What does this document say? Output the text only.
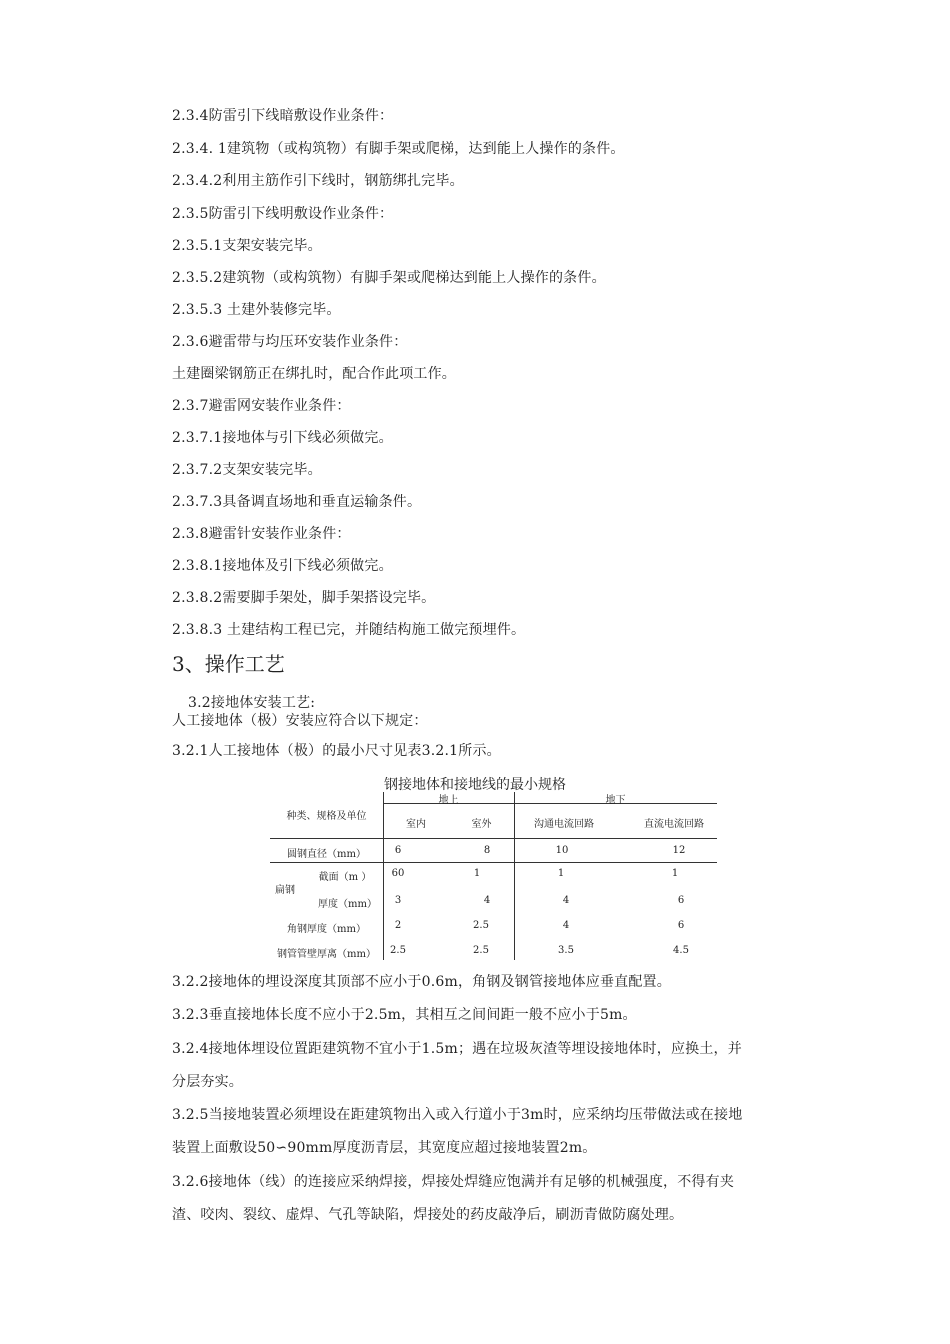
2.3.4防雷引下线暗敷设作业条件：
2.3.4. 1建筑物（或构筑物）有脚手架或爬梯，达到能上人操作的条件。
2.3.4.2利用主筋作引下线时，钢筋绑扎完毕。
2.3.5防雷引下线明敷设作业条件：
2.3.5.1支架安装完毕。
2.3.5.2建筑物（或构筑物）有脚手架或爬梯达到能上人操作的条件。
2.3.5.3 土建外装修完毕。
2.3.6避雷带与均压环安装作业条件：
土建圈梁钢筋正在绑扎时，配合作此项工作。
2.3.7避雷网安装作业条件：
2.3.7.1接地体与引下线必须做完。
2.3.7.2支架安装完毕。
2.3.7.3具备调直场地和垂直运输条件。
2.3.8避雷针安装作业条件：
2.3.8.1接地体及引下线必须做完。
2.3.8.2需要脚手架处，脚手架搭设完毕。
2.3.8.3 土建结构工程已完，并随结构施工做完预埋件。
3、操作工艺
3.2接地体安装工艺:
人工接地体（极）安装应符合以下规定：
3.2.1人工接地体（极）的最小尺寸见表3.2.1所示。
钢接地体和接地线的最小规格
地上	地下
种类、规格及单位
室内	室外	沟通电流回路	直流电流回路
圆钢直径（mm）	6	8	10	12
扁钢
截面（m ）	60	1	1	1
厚度（mm）	3	4	4	6
角钢厚度（mm）	2	2.5	4	6
钢管管壁厚离（mm）	2.5	2.5	3.5	4.5
3.2.2接地体的埋设深度其顶部不应小于0.6m，角钢及钢管接地体应垂直配置。
3.2.3垂直接地体长度不应小于2.5m，其相互之间间距一般不应小于5m。
3.2.4接地体埋设位置距建筑物不宜小于1.5m；遇在垃圾灰渣等埋设接地体时，应换土，并
分层夯实。
3.2.5当接地装置必须埋设在距建筑物出入或入行道小于3m时，应采纳均压带做法或在接地
装置上面敷设50∽90mm厚度沥青层，其宽度应超过接地装置2m。
3.2.6接地体（线）的连接应采纳焊接，焊接处焊缝应饱满并有足够的机械强度，不得有夹
渣、咬肉、裂纹、虚焊、气孔等缺陷，焊接处的药皮敲净后，刷沥青做防腐处理。
